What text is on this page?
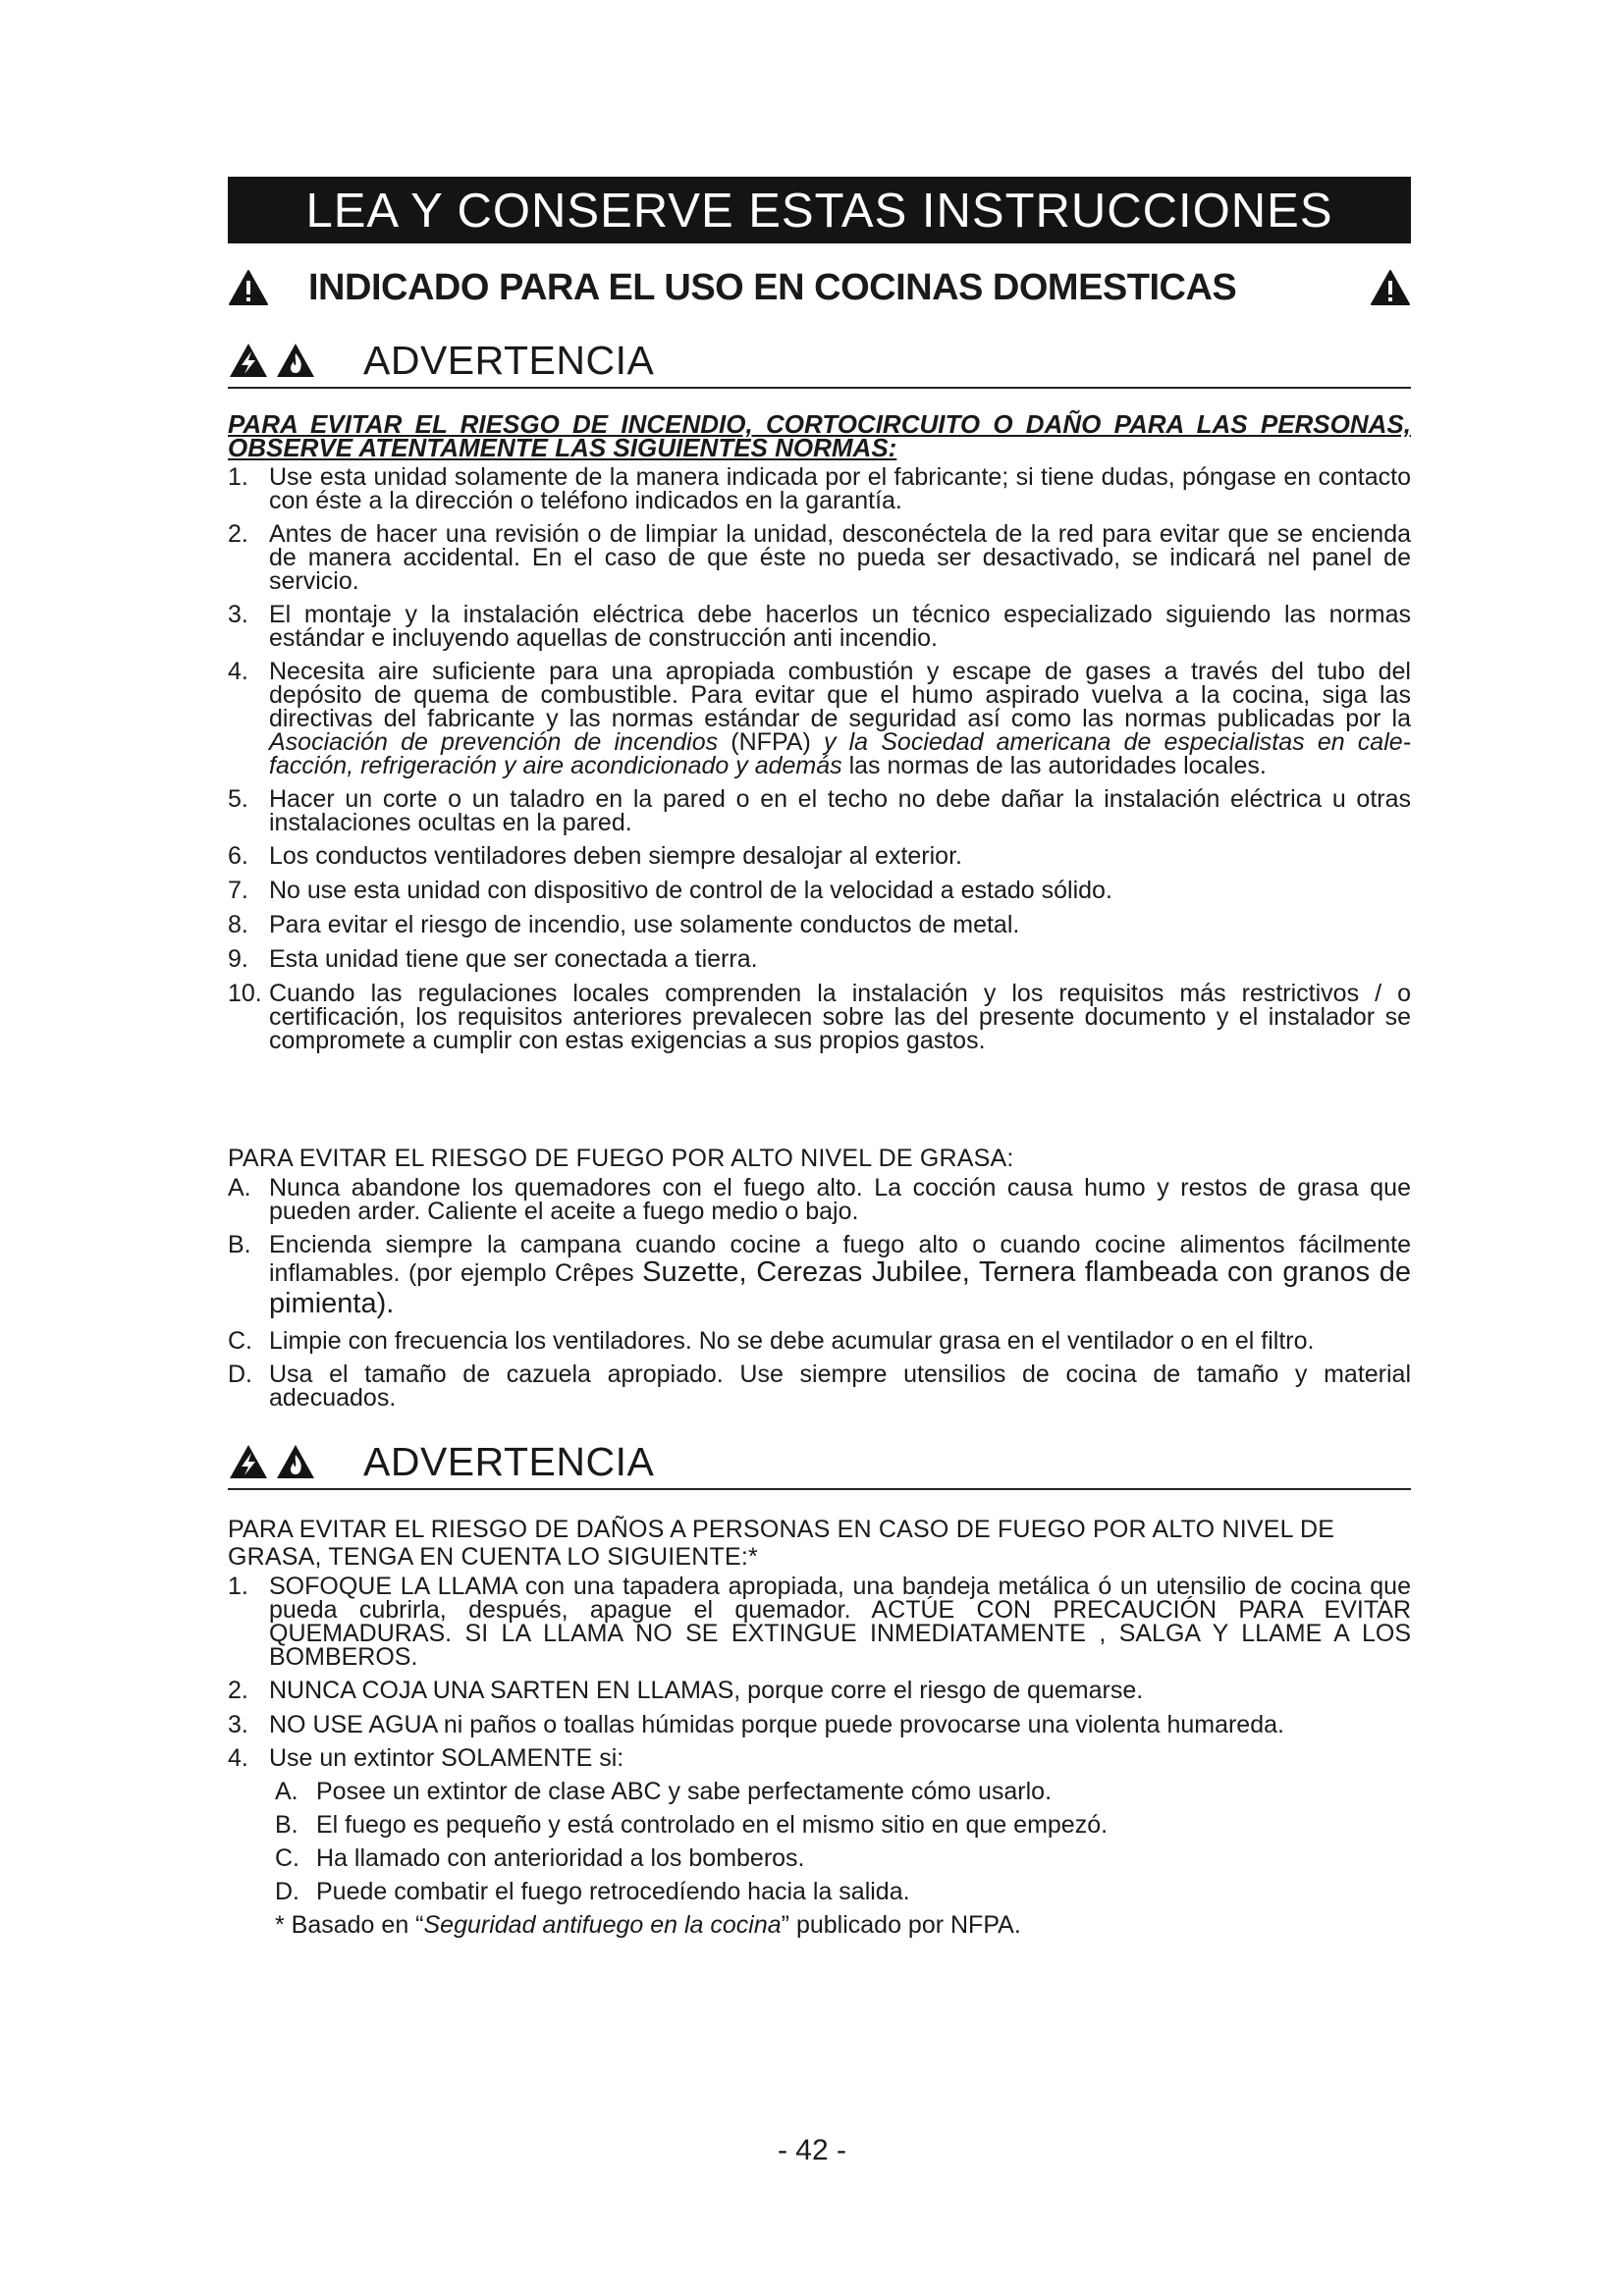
LEA Y CONSERVE ESTAS INSTRUCCIONES
INDICADO PARA EL USO EN COCINAS DOMESTICAS
ADVERTENCIA
PARA EVITAR EL RIESGO DE INCENDIO, CORTOCIRCUITO O DAÑO PARA LAS PERSONAS, OBSERVE ATENTAMENTE LAS SIGUIENTES NORMAS:
1. Use esta unidad solamente de la manera indicada por el fabricante; si tiene dudas, póngase en contacto con éste a la dirección o teléfono indicados en la garantía.
2. Antes de hacer una revisión o de limpiar la unidad, desconéctela de la red para evitar que se encienda de manera accidental. En el caso de que éste no pueda ser desactivado, se indicará nel panel de servicio.
3. El montaje y la instalación eléctrica debe hacerlos un técnico especializado siguiendo las normas estándar e incluyendo aquellas de construcción anti incendio.
4. Necesita aire suficiente para una apropiada combustión y escape de gases a través del tubo del depósito de quema de combustible. Para evitar que el humo aspirado vuelva a la cocina, siga las directivas del fabricante y las normas estándar de seguridad así como las normas publicadas por la Asociación de prevención de incendios (NFPA) y la Sociedad americana de especialistas en cale-facción, refrigeración y aire acondicionado y además las normas de las autoridades locales.
5. Hacer un corte o un taladro en la pared o en el techo no debe dañar la instalación eléctrica u otras instalaciones ocultas en la pared.
6. Los conductos ventiladores deben siempre desalojar al exterior.
7. No use esta unidad con dispositivo de control de la velocidad a estado sólido.
8. Para evitar el riesgo de incendio, use solamente conductos de metal.
9. Esta unidad tiene que ser conectada a tierra.
10. Cuando las regulaciones locales comprenden la instalación y los requisitos más restrictivos / o certificación, los requisitos anteriores prevalecen sobre las del presente documento y el instalador se compromete a cumplir con estas exigencias a sus propios gastos.
PARA EVITAR EL RIESGO DE FUEGO POR ALTO NIVEL DE GRASA:
A. Nunca abandone los quemadores con el fuego alto. La cocción causa humo y restos de grasa que pueden arder. Caliente el aceite a fuego medio o bajo.
B. Encienda siempre la campana cuando cocine a fuego alto o cuando cocine alimentos fácilmente inflamables. (por ejemplo Crêpes Suzette, Cerezas Jubilee, Ternera flambeada con granos de pimienta).
C. Limpie con frecuencia los ventiladores. No se debe acumular grasa en el ventilador o en el filtro.
D. Usa el tamaño de cazuela apropiado. Use siempre utensilios de cocina de tamaño y material adecuados.
ADVERTENCIA
PARA EVITAR EL RIESGO DE DAÑOS A PERSONAS EN CASO DE FUEGO POR ALTO NIVEL DE GRASA, TENGA EN CUENTA LO SIGUIENTE:*
1. SOFOQUE LA LLAMA con una tapadera apropiada, una bandeja metálica ó un utensilio de cocina que pueda cubrirla, después, apague el quemador. ACTÚE CON PRECAUCIÓN PARA EVITAR QUEMADURAS. SI LA LLAMA NO SE EXTINGUE INMEDIATAMENTE , SALGA Y LLAME A LOS BOMBEROS.
2. NUNCA COJA UNA SARTEN EN LLAMAS, porque corre el riesgo de quemarse.
3. NO USE AGUA ni paños o toallas húmidas porque puede provocarse una violenta humareda.
4. Use un extintor SOLAMENTE si:
A. Posee un extintor de clase ABC y sabe perfectamente cómo usarlo.
B. El fuego es pequeño y está controlado en el mismo sitio en que empezó.
C. Ha llamado con anterioridad a los bomberos.
D. Puede combatir el fuego retrocedíendo hacia la salida.
* Basado en “Seguridad antifuego en la cocina” publicado por NFPA.
- 42 -
